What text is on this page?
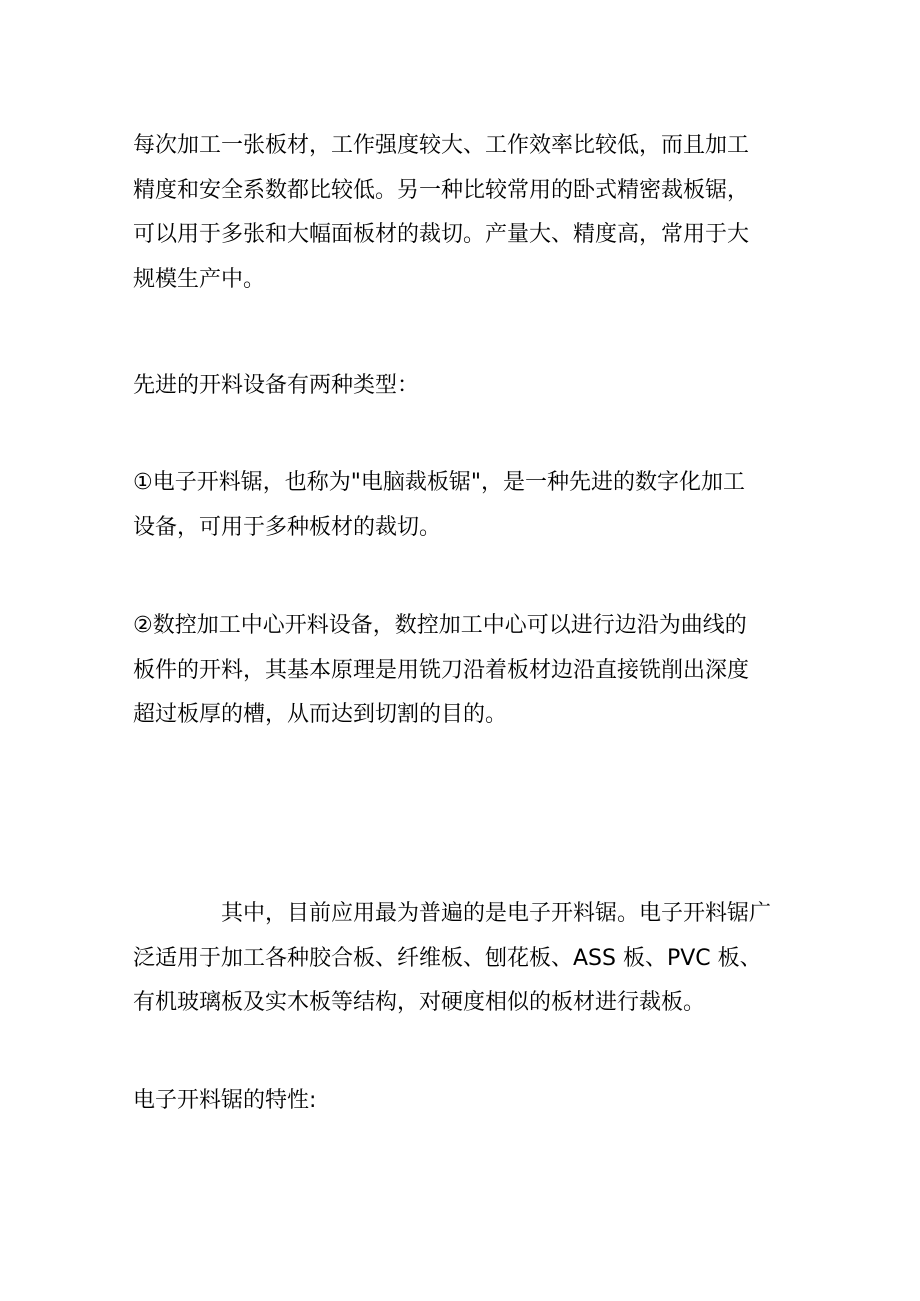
每次加工一张板材，工作强度较大、工作效率比较低，而且加工
精度和安全系数都比较低。另一种比较常用的卧式精密裁板锯，
可以用于多张和大幅面板材的裁切。产量大、精度高，常用于大
规模生产中。
先进的开料设备有两种类型：
①电子开料锯，也称为"电脑裁板锯"，是一种先进的数字化加工
设备，可用于多种板材的裁切。
②数控加工中心开料设备，数控加工中心可以进行边沿为曲线的
板件的开料，其基本原理是用铣刀沿着板材边沿直接铣削出深度
超过板厚的槽，从而达到切割的目的。
其中，目前应用最为普遍的是电子开料锯。电子开料锯广
泛适用于加工各种胶合板、纤维板、刨花板、ASS 板、PVC 板、
有机玻璃板及实木板等结构，对硬度相似的板材进行裁板。
电子开料锯的特性:
